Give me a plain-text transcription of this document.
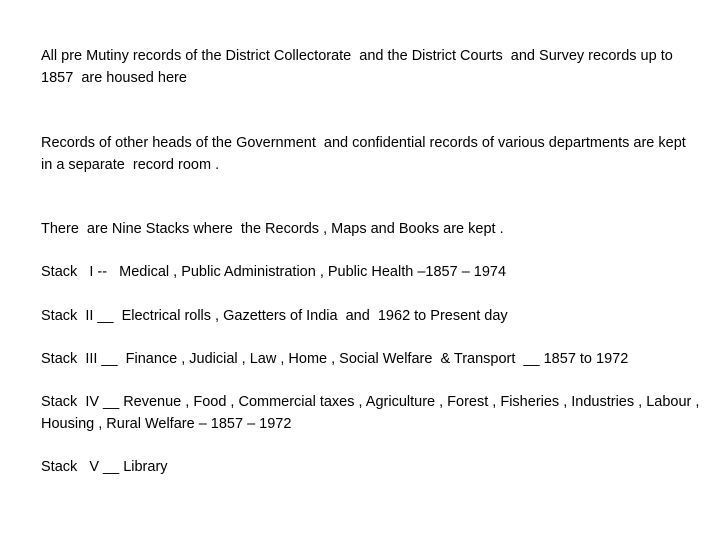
All pre Mutiny records of the District Collectorate  and the District Courts  and Survey records up to 1857  are housed here

Records of other heads of the Government  and confidential records of various departments are kept in a separate  record room .

There  are Nine Stacks where  the Records , Maps and Books are kept .

Stack   I --   Medical , Public Administration , Public Health –1857 – 1974

Stack  II __  Electrical rolls , Gazetters of India  and  1962 to Present day

Stack  III __  Finance , Judicial , Law , Home , Social Welfare  & Transport  __ 1857 to 1972

Stack  IV __ Revenue , Food , Commercial taxes , Agriculture , Forest , Fisheries , Industries , Labour , Housing , Rural Welfare – 1857 – 1972

Stack   V __ Library
